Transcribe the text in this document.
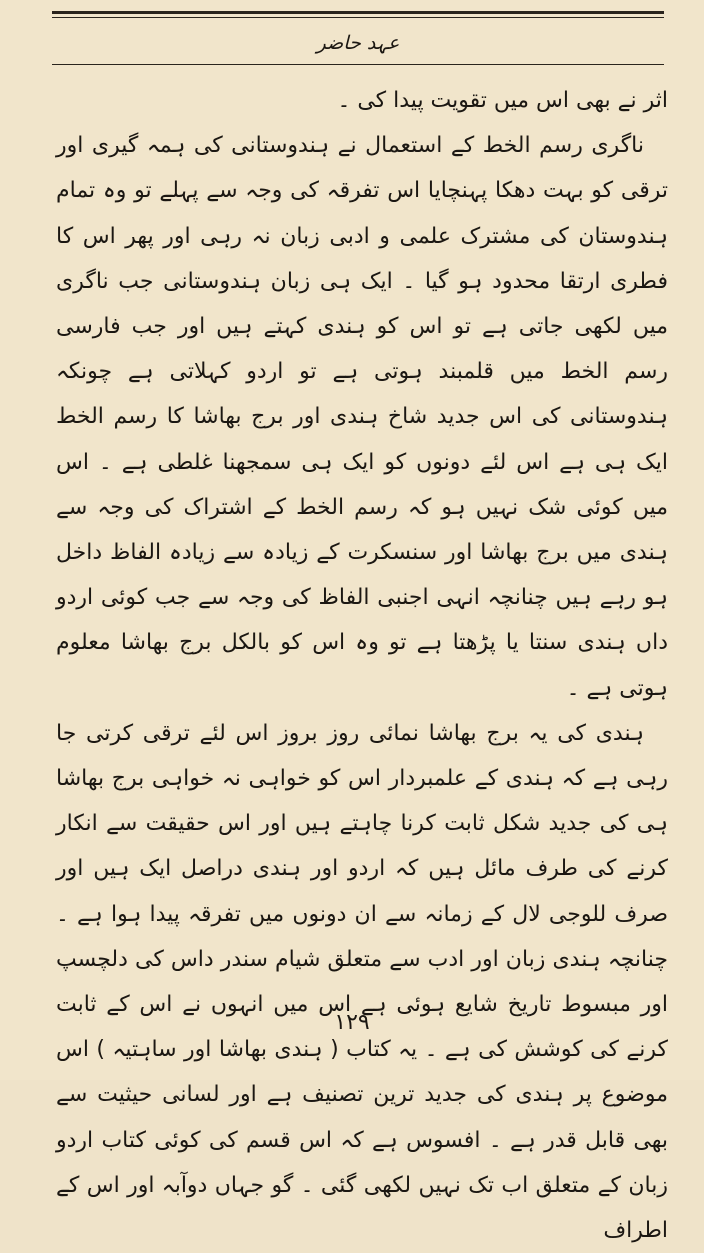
عہد حاضر

اثر نے بھی اس میں تقویت پیدا کی ۔

ناگری رسم الخط کے استعمال نے ہندوستانی کی ہمہ گیری اور ترقی کو بہت دھکا پہنچایا اس تفرقہ کی وجہ سے پہلے تو وہ تمام ہندوستان کی مشترک علمی و ادبی زبان نہ رہی اور پھر اس کا فطری ارتقا محدود ہو گیا ۔ ایک ہی زبان ہندوستانی جب ناگری میں لکھی جاتی ہے تو اس کو ہندی کہتے ہیں اور جب فارسی رسم الخط میں قلمبند ہوتی ہے تو اردو کہلاتی ہے چونکہ ہندوستانی کی اس جدید شاخ ہندی اور برج بھاشا کا رسم الخط ایک ہی ہے اس لئے دونوں کو ایک ہی سمجھنا غلطی ہے ۔ اس میں کوئی شک نہیں ہو کہ رسم الخط کے اشتراک کی وجہ سے ہندی میں برج بھاشا اور سنسکرت کے زیادہ سے زیادہ الفاظ داخل ہو رہے ہیں چنانچہ انہی اجنبی الفاظ کی وجہ سے جب کوئی اردو داں ہندی سنتا یا پڑھتا ہے تو وہ اس کو بالکل برج بھاشا معلوم ہوتی ہے ۔

ہندی کی یہ برج بھاشا نمائی روز بروز اس لئے ترقی کرتی جا رہی ہے کہ ہندی کے علمبردار اس کو خواہی نہ خواہی برج بھاشا ہی کی جدید شکل ثابت کرنا چاہتے ہیں اور اس حقیقت سے انکار کرنے کی طرف مائل ہیں کہ اردو اور ہندی دراصل ایک ہیں اور صرف للوجی لال کے زمانہ سے ان دونوں میں تفرقہ پیدا ہوا ہے ۔ چنانچہ ہندی زبان اور ادب سے متعلق شیام سندر داس کی دلچسپ اور مبسوط تاریخ شایع ہوئی ہے اس میں انہوں نے اس کے ثابت کرنے کی کوشش کی ہے ۔ یہ کتاب ( ہندی بھاشا اور ساہتیہ ) اس موضوع پر ہندی کی جدید ترین تصنیف ہے اور لسانی حیثیت سے بھی قابل قدر ہے ۔ افسوس ہے کہ اس قسم کی کوئی کتاب اردو زبان کے متعلق اب تک نہیں لکھی گئی ۔ گو جہاں دوآبہ اور اس کے اطراف

۱۲۹
